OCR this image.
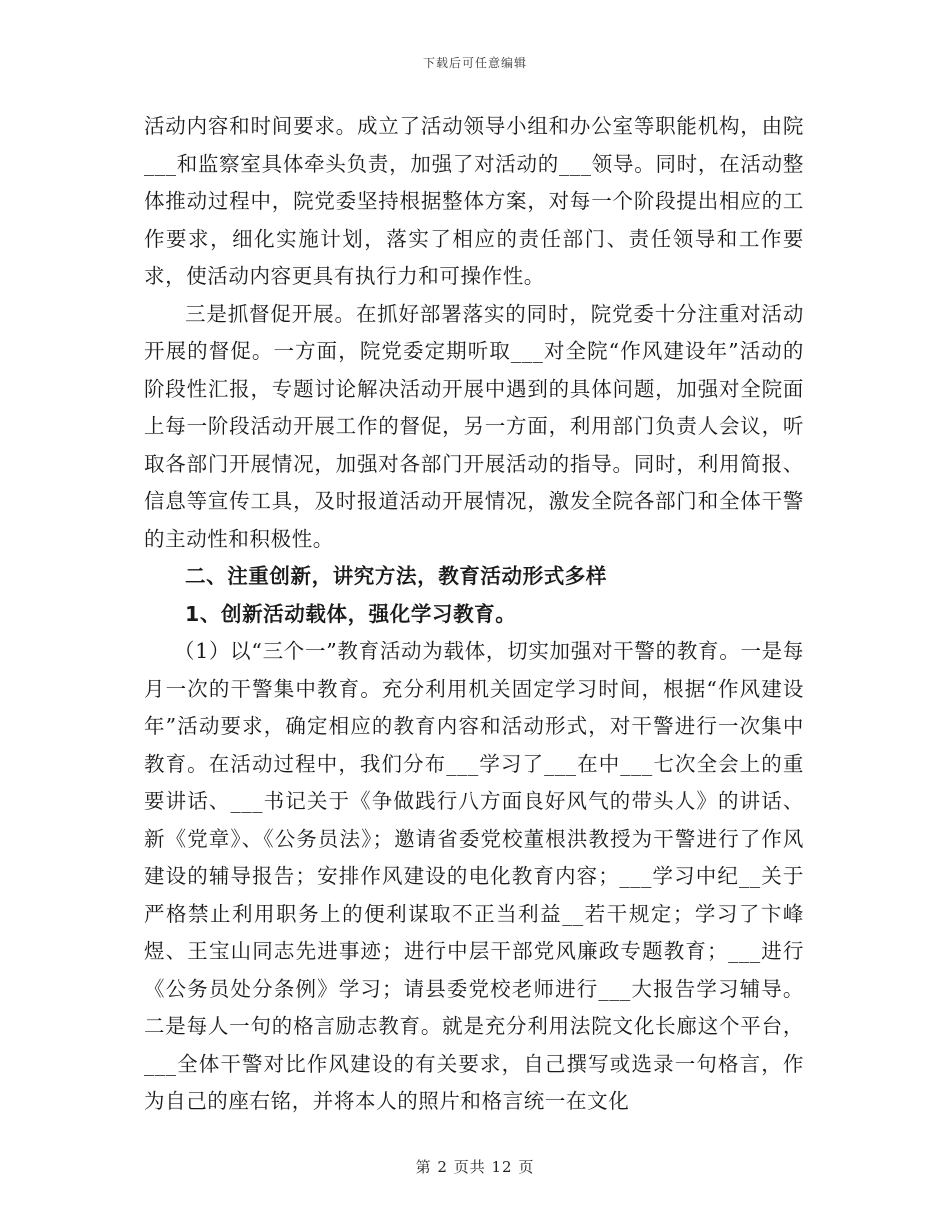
下载后可任意编辑

活动内容和时间要求。成立了活动领导小组和办公室等职能机构，由院___和监察室具体牵头负责，加强了对活动的___领导。同时，在活动整体推动过程中，院党委坚持根据整体方案，对每一个阶段提出相应的工作要求，细化实施计划，落实了相应的责任部门、责任领导和工作要求，使活动内容更具有执行力和可操作性。

三是抓督促开展。在抓好部署落实的同时，院党委十分注重对活动开展的督促。一方面，院党委定期听取___对全院“作风建设年”活动的阶段性汇报，专题讨论解决活动开展中遇到的具体问题，加强对全院面上每一阶段活动开展工作的督促，另一方面，利用部门负责人会议，听取各部门开展情况，加强对各部门开展活动的指导。同时，利用简报、信息等宣传工具，及时报道活动开展情况，激发全院各部门和全体干警的主动性和积极性。

二、注重创新，讲究方法，教育活动形式多样

1、创新活动载体，强化学习教育。

（1）以“三个一”教育活动为载体，切实加强对干警的教育。一是每月一次的干警集中教育。充分利用机关固定学习时间，根据“作风建设年”活动要求，确定相应的教育内容和活动形式，对干警进行一次集中教育。在活动过程中，我们分布___学习了___在中___七次全会上的重要讲话、___书记关于《争做践行八方面良好风气的带头人》的讲话、新《党章》、《公务员法》；邀请省委党校董根洪教授为干警进行了作风建设的辅导报告；安排作风建设的电化教育内容；___学习中纪__关于严格禁止利用职务上的便利谋取不正当利益__若干规定；学习了卞峰煜、王宝山同志先进事迹；进行中层干部党风廉政专题教育；___进行《公务员处分条例》学习；请县委党校老师进行___大报告学习辅导。二是每人一句的格言励志教育。就是充分利用法院文化长廊这个平台，___全体干警对比作风建设的有关要求，自己撰写或选录一句格言，作为自己的座右铭，并将本人的照片和格言统一在文化

第 2 页共 12 页
